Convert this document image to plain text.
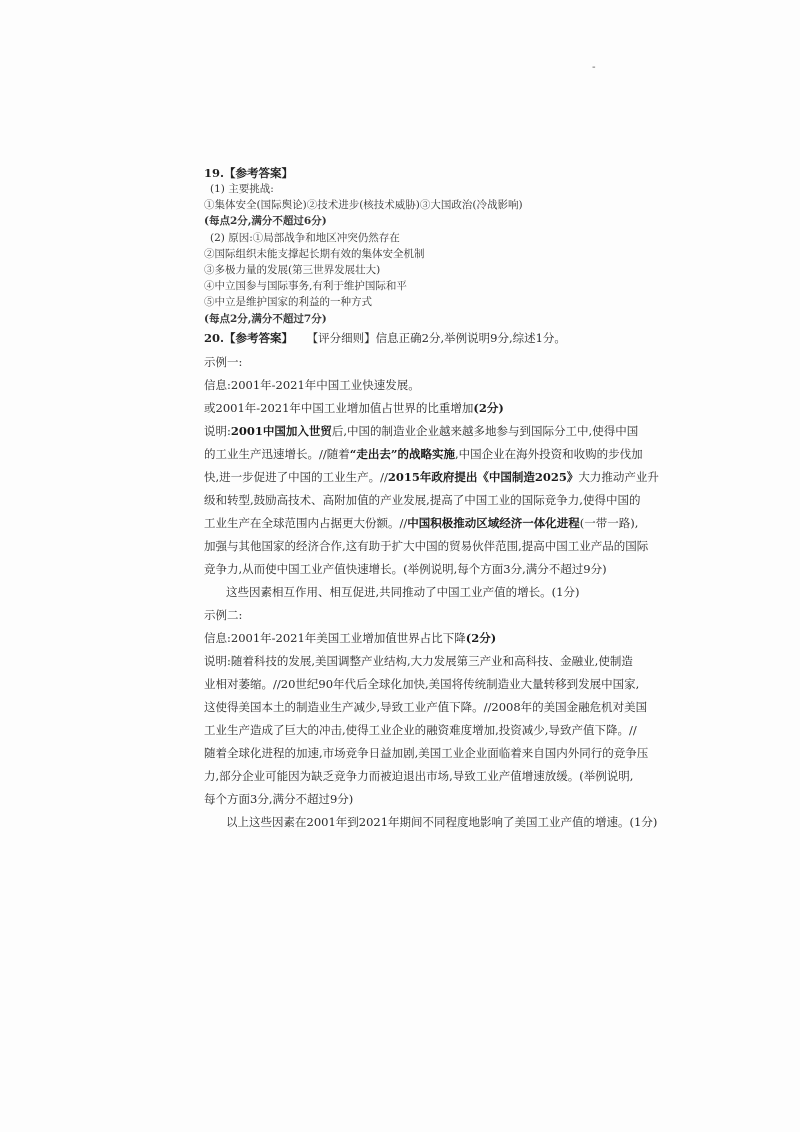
-
19.【参考答案】
(1) 主要挑战:
①集体安全(国际舆论)②技术进步(核技术威胁)③大国政治(冷战影响)
(每点2分,满分不超过6分)
(2) 原因:①局部战争和地区冲突仍然存在
②国际组织未能支撑起长期有效的集体安全机制
③多极力量的发展(第三世界发展壮大)
④中立国参与国际事务,有利于维护国际和平
⑤中立是维护国家的利益的一种方式
(每点2分,满分不超过7分)
20.【参考答案】 【评分细则】信息正确2分,举例说明9分,综述1分。
示例一:
信息:2001年-2021年中国工业快速发展。
或2001年-2021年中国工业增加值占世界的比重增加(2分)
说明:2001中国加入世贸后,中国的制造业企业越来越多地参与到国际分工中,使得中国
的工业生产迅速增长。//随着“走出去”的战略实施,中国企业在海外投资和收购的步伐加
快,进一步促进了中国的工业生产。//2015年政府提出《中国制造2025》大力推动产业升
级和转型,鼓励高技术、高附加值的产业发展,提高了中国工业的国际竞争力,使得中国的
工业生产在全球范围内占据更大份额。//中国积极推动区域经济一体化进程(一带一路),
加强与其他国家的经济合作,这有助于扩大中国的贸易伙伴范围,提高中国工业产品的国际
竞争力,从而使中国工业产值快速增长。(举例说明,每个方面3分,满分不超过9分)
这些因素相互作用、相互促进,共同推动了中国工业产值的增长。(1分)
示例二:
信息:2001年-2021年美国工业增加值世界占比下降(2分)
说明:随着科技的发展,美国调整产业结构,大力发展第三产业和高科技、金融业,使制造
业相对萎缩。//20世纪90年代后全球化加快,美国将传统制造业大量转移到发展中国家,
这使得美国本土的制造业生产减少,导致工业产值下降。//2008年的美国金融危机对美国
工业生产造成了巨大的冲击,使得工业企业的融资难度增加,投资减少,导致产值下降。//
随着全球化进程的加速,市场竞争日益加剧,美国工业企业面临着来自国内外同行的竞争压
力,部分企业可能因为缺乏竞争力而被迫退出市场,导致工业产值增速放缓。(举例说明,
每个方面3分,满分不超过9分)
以上这些因素在2001年到2021年期间不同程度地影响了美国工业产值的增速。(1分)
